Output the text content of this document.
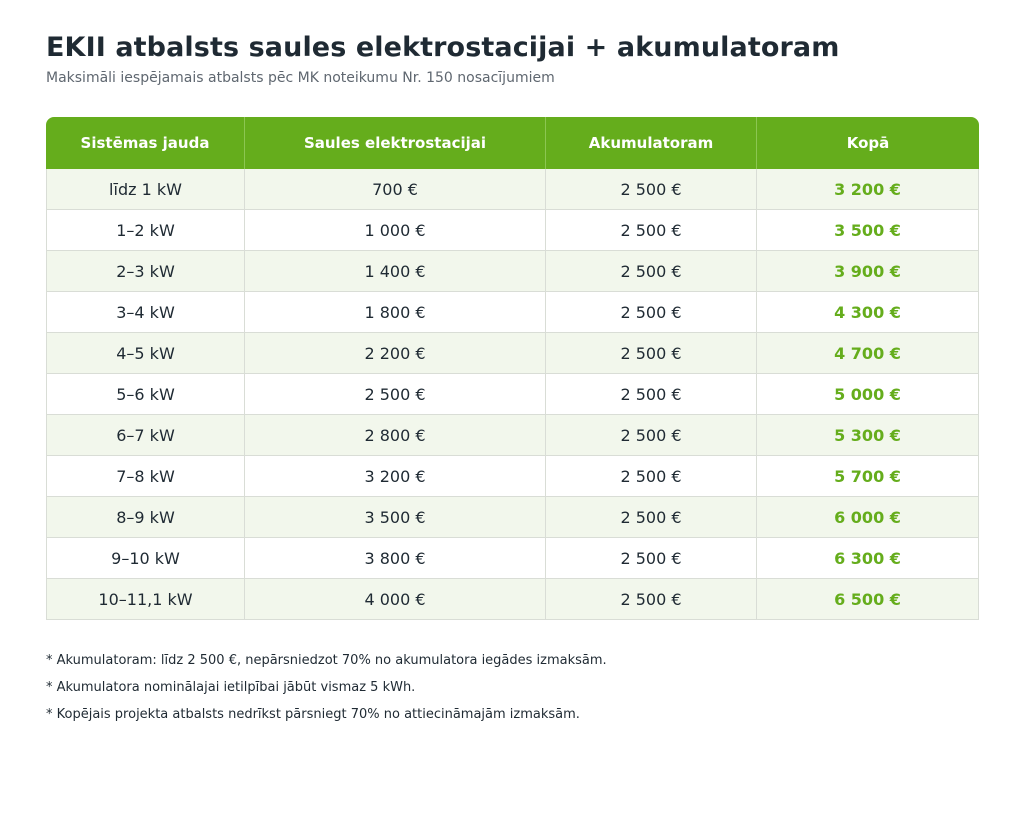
EKII atbalsts saules elektrostacijai + akumulatoram

Maksimāli iespējamais atbalsts pēc MK noteikumu Nr. 150 nosacījumiem

Sistēmas jauda	Saules elektrostacijai	Akumulatoram	Kopā
līdz 1 kW	700 €	2 500 €	3 200 €
1–2 kW	1 000 €	2 500 €	3 500 €
2–3 kW	1 400 €	2 500 €	3 900 €
3–4 kW	1 800 €	2 500 €	4 300 €
4–5 kW	2 200 €	2 500 €	4 700 €
5–6 kW	2 500 €	2 500 €	5 000 €
6–7 kW	2 800 €	2 500 €	5 300 €
7–8 kW	3 200 €	2 500 €	5 700 €
8–9 kW	3 500 €	2 500 €	6 000 €
9–10 kW	3 800 €	2 500 €	6 300 €
10–11,1 kW	4 000 €	2 500 €	6 500 €
* Akumulatoram: līdz 2 500 €, nepārsniedzot 70% no akumulatora iegādes izmaksām.
* Akumulatora nominālajai ietilpībai jābūt vismaz 5 kWh.
* Kopējais projekta atbalsts nedrīkst pārsniegt 70% no attiecināmajām izmaksām.
